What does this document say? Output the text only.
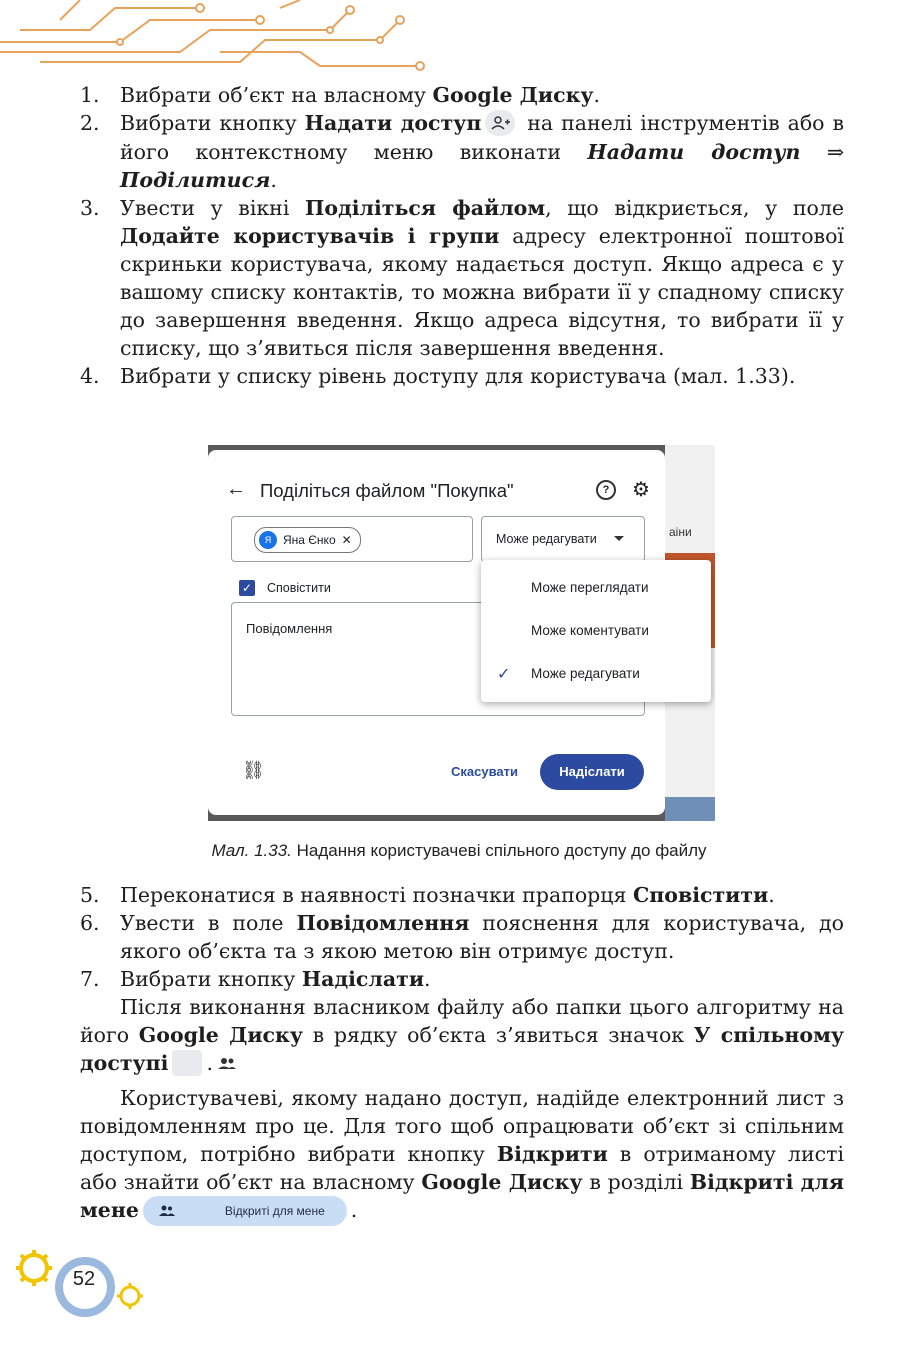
1. Вибрати об’єкт на власному Google Диску.
2. Вибрати кнопку Надати доступ на панелі інструментів або в його контекстному меню виконати Надати доступ ⇒ Поділитися.
3. Увести у вікні Поділіться файлом, що відкриється, у поле Додайте користувачів і групи адресу електронної поштової скриньки користувача, якому надається доступ. Якщо адреса є у вашому списку контактів, то можна вибрати її у спадному списку до завершення введення. Якщо адреса відсутня, то вибрати її у списку, що з’явиться після завершення введення.
4. Вибрати у списку рівень доступу для користувача (мал. 1.33).
аіни
← Поділіться файлом "Покупка"	?	⚙
Я Яна Єнко ✕	Може редагувати
✓ Сповістити
Повідомлення
⛓	Скасувати	Надіслати
Може переглядати
Може коментувати
✓ Може редагувати
Мал. 1.33. Надання користувачеві спільного доступу до файлу
5. Переконатися в наявності позначки прапорця Сповістити.
6. Увести в поле Повідомлення пояснення для користувача, до якого об’єкта та з якою метою він отримує доступ.
7. Вибрати кнопку Надіслати.

Після виконання власником файлу або папки цього алгоритму на його Google Диску в рядку об’єкта з’явиться значок У спільному доступі .

Користувачеві, якому надано доступ, надійде електронний лист з повідомленням про це. Для того щоб опрацювати об’єкт зі спільним доступом, потрібно вибрати кнопку Відкрити в отриманому листі або знайти об’єкт на власному Google Диску в розділі Відкриті для мене	Відкриті для мене .

52
